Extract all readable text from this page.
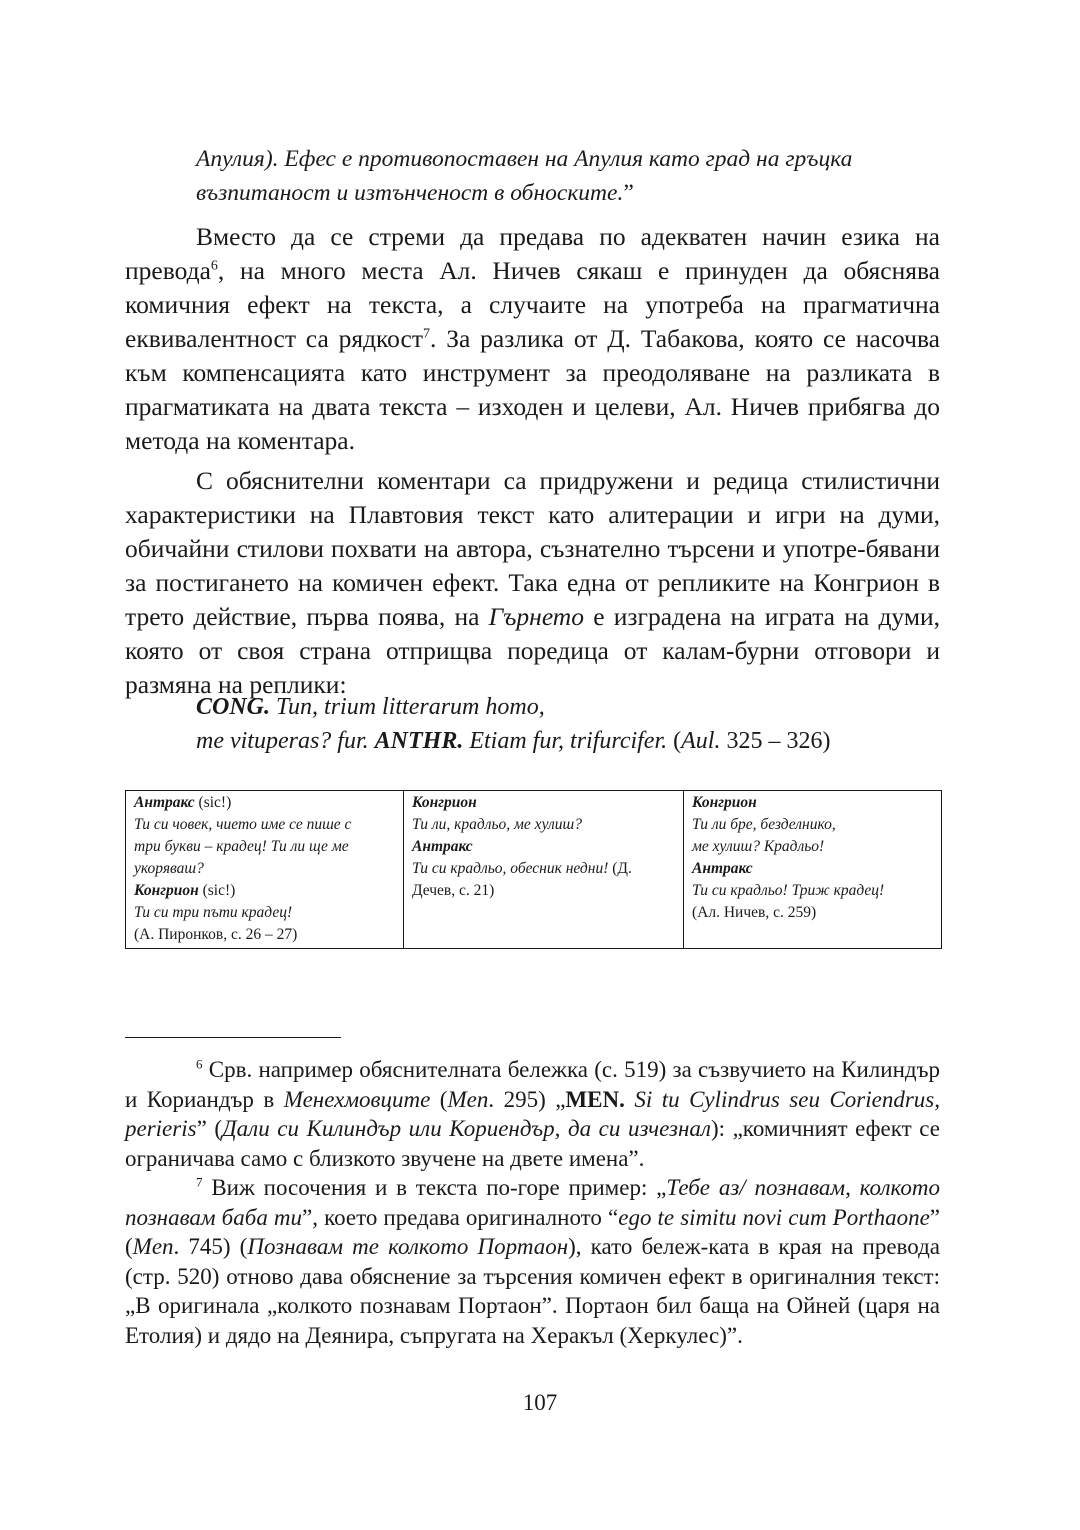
Апулия). Ефес е противопоставен на Апулия като град на гръцка
възпитаност и изтънченост в обноските.”

Вместо да се стреми да предава по адекватен начин езика на превода$^6$, на много места Ал. Ничев сякаш е принуден да обяснява комичния ефект на текста, а случаите на употреба на прагматична еквивалентност са рядкост$^7$. За разлика от Д. Табакова, която се насочва към компенсацията като инструмент за преодоляване на разликата в прагматиката на двата текста – изходен и целеви, Ал. Ничев прибягва до метода на коментара.

С обяснителни коментари са придружени и редица стилистични характеристики на Плавтовия текст като алитерации и игри на думи, обичайни стилови похвати на автора, съзнателно търсени и употре-бявани за постигането на комичен ефект. Така една от репликите на Конгрион в трето действие, първа поява, на Гърнето е изградена на играта на думи, която от своя страна отприщва поредица от калам-бурни отговори и размяна на реплики:

CONG. Tun, trium litterarum homo,
me vituperas? fur. ANTHR. Etiam fur, trifurcifer. (Aul. 325 – 326)
Антракс (sic!)
Ти си човек, чието име се пише с
три букви – крадец! Ти ли ще ме
укоряваш?
Конгрион (sic!)
Ти си три пъти крадец!
(А. Пиронков, с. 26 – 27)

Конгрион
Ти ли, крадльо, ме хулиш?
Антракс
Ти си крадльо, обесник недни! (Д.
Дечев, с. 21)

Конгрион
Ти ли бре, безделнико,
ме хулиш? Крадльо!
Антракс
Ти си крадльо! Триж крадец!
(Ал. Ничев, с. 259)

$^6$ Срв. например обяснителната бележка (с. 519) за съзвучието на Килиндър и Кориандър в Менехмовците (Men. 295) „MEN. Si tu Cylindrus seu Coriendrus, perieris” (Дали си Килиндър или Кориендър, да си изчезнал): „комичният ефект се ограничава само с близкото звучене на двете имена”.

$^7$ Виж посочения и в текста по-горе пример: „Тебе аз/ познавам, колкото познавам баба ти”, което предава оригиналното “ego te simitu novi cum Porthaone” (Men. 745) (Познавам те колкото Портаон), като бележ-ката в края на превода (стр. 520) отново дава обяснение за търсения комичен ефект в оригиналния текст: „В оригинала „колкото познавам Портаон”. Портаон бил баща на Ойней (царя на Етолия) и дядо на Деянира, съпругата на Херакъл (Херкулес)”.

107
